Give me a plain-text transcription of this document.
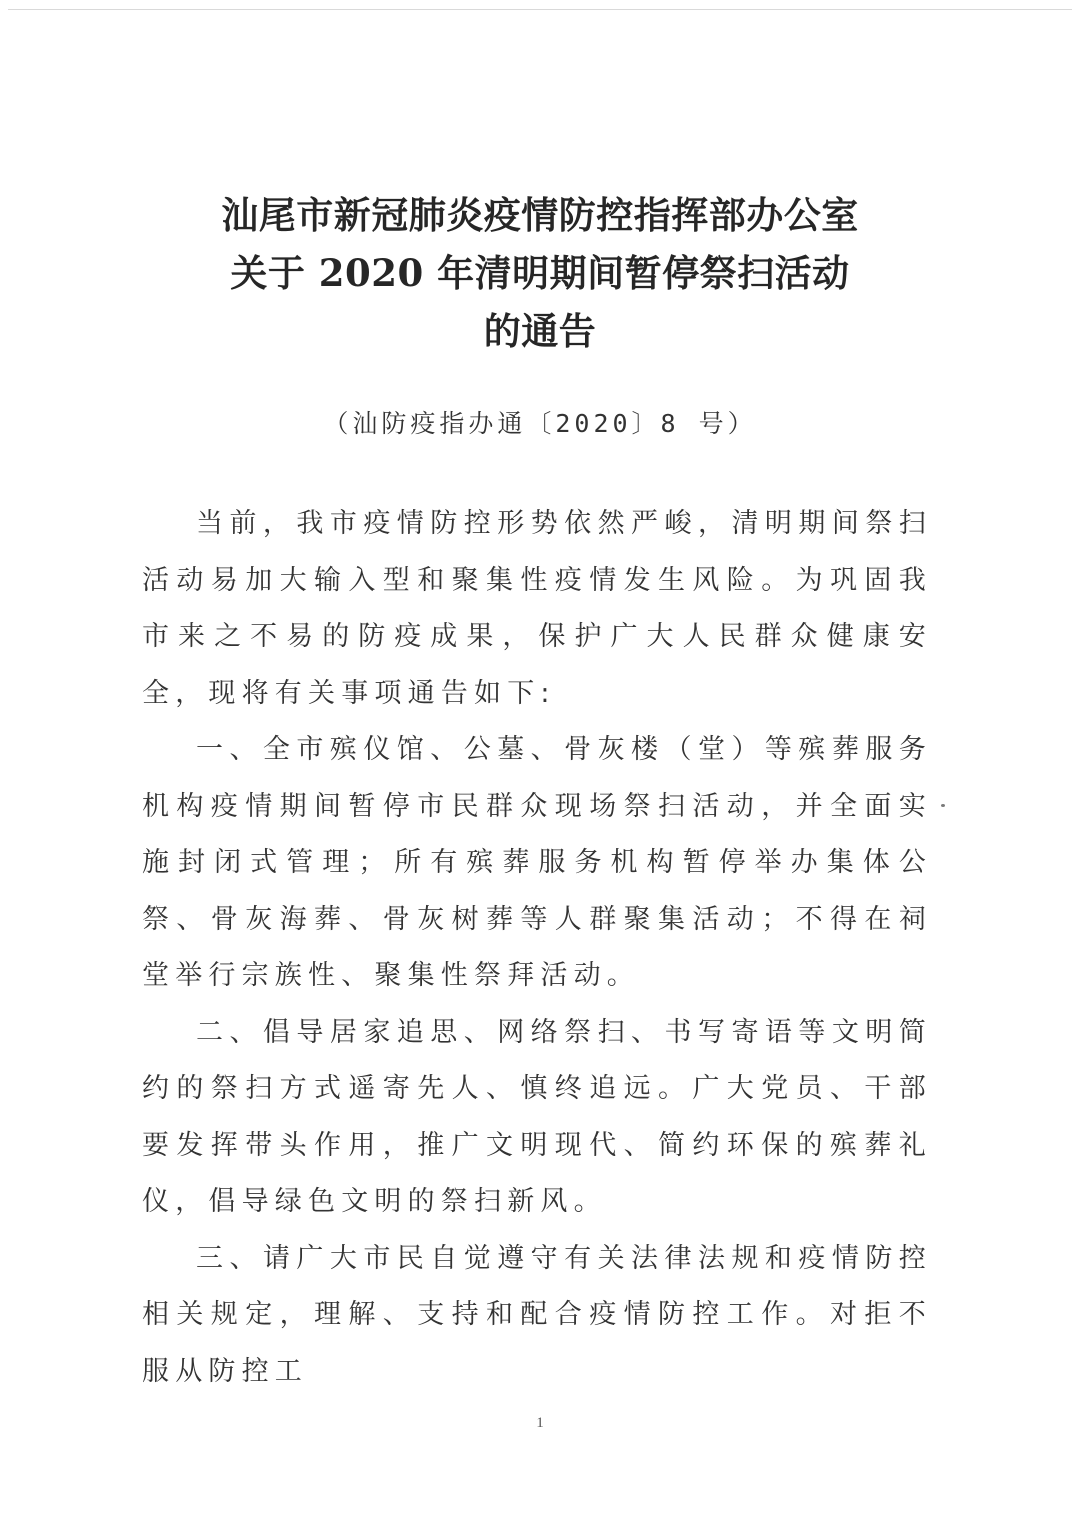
汕尾市新冠肺炎疫情防控指挥部办公室
关于 2020 年清明期间暂停祭扫活动
的通告
（汕防疫指办通〔2020〕8 号）

当前，我市疫情防控形势依然严峻，清明期间祭扫活动易加大输入型和聚集性疫情发生风险。为巩固我市来之不易的防疫成果，保护广大人民群众健康安全，现将有关事项通告如下:

一、全市殡仪馆、公墓、骨灰楼（堂）等殡葬服务机构疫情期间暂停市民群众现场祭扫活动，并全面实施封闭式管理；所有殡葬服务机构暂停举办集体公祭、骨灰海葬、骨灰树葬等人群聚集活动；不得在祠堂举行宗族性、聚集性祭拜活动。

二、倡导居家追思、网络祭扫、书写寄语等文明简约的祭扫方式遥寄先人、慎终追远。广大党员、干部要发挥带头作用，推广文明现代、简约环保的殡葬礼仪，倡导绿色文明的祭扫新风。

三、请广大市民自觉遵守有关法律法规和疫情防控相关规定，理解、支持和配合疫情防控工作。对拒不服从防控工

1
